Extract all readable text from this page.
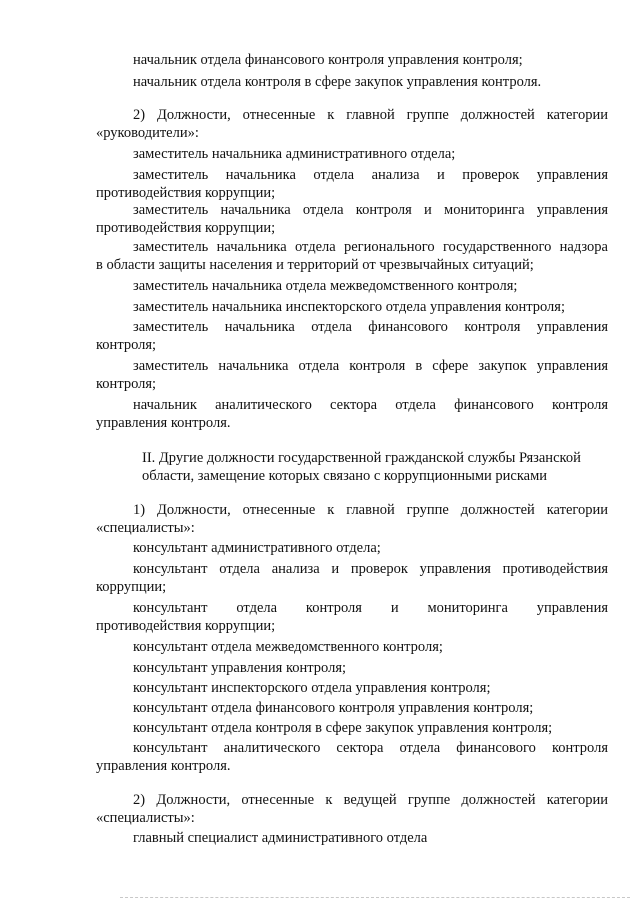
начальник отдела финансового контроля управления контроля;
начальник отдела контроля в сфере закупок управления контроля.
2) Должности, отнесенные к главной группе должностей категории
«руководители»:
заместитель начальника административного отдела;
заместитель начальника отдела анализа и проверок управления
противодействия коррупции;
заместитель начальника отдела контроля и мониторинга управления
противодействия коррупции;
заместитель начальника отдела регионального государственного надзора
в области защиты населения и территорий от чрезвычайных ситуаций;
заместитель начальника отдела межведомственного контроля;
заместитель начальника инспекторского отдела управления контроля;
заместитель начальника отдела финансового контроля управления
контроля;
заместитель начальника отдела контроля в сфере закупок управления
контроля;
начальник аналитического сектора отдела финансового контроля
управления контроля.
II. Другие должности государственной гражданской службы Рязанской
области, замещение которых связано с коррупционными рисками
1) Должности, отнесенные к главной группе должностей категории
«специалисты»:
консультант административного отдела;
консультант отдела анализа и проверок управления противодействия
коррупции;
консультант отдела контроля и мониторинга управления
противодействия коррупции;
консультант отдела межведомственного контроля;
консультант управления контроля;
консультант инспекторского отдела управления контроля;
консультант отдела финансового контроля управления контроля;
консультант отдела контроля в сфере закупок управления контроля;
консультант аналитического сектора отдела финансового контроля
управления контроля.
2) Должности, отнесенные к ведущей группе должностей категории
«специалисты»:
главный специалист административного отдела
